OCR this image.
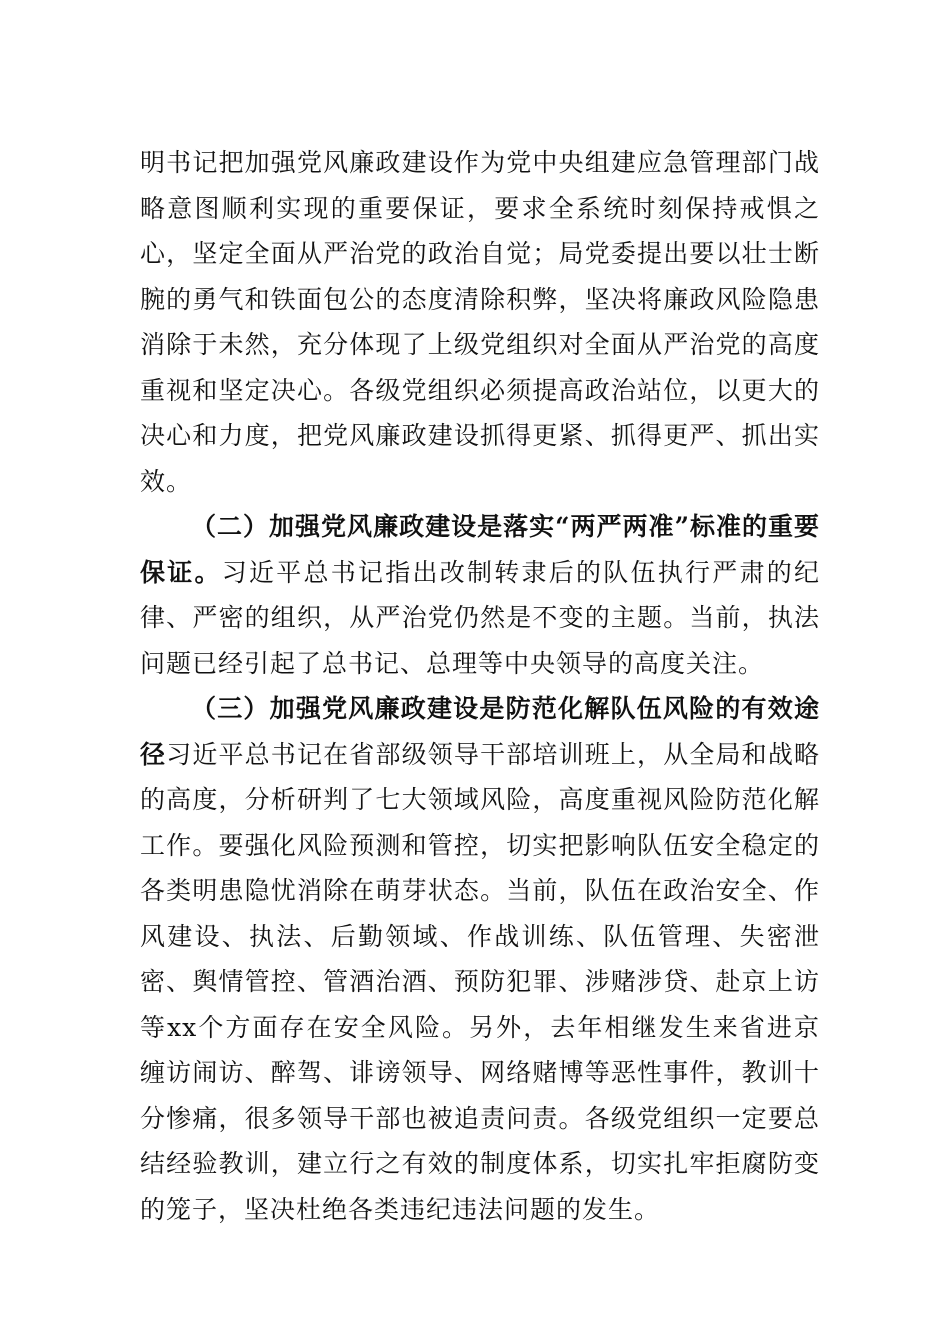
明书记把加强党风廉政建设作为党中央组建应急管理部门战略意图顺利实现的重要保证，要求全系统时刻保持戒惧之心，坚定全面从严治党的政治自觉；局党委提出要以壮士断腕的勇气和铁面包公的态度清除积弊，坚决将廉政风险隐患消除于未然，充分体现了上级党组织对全面从严治党的高度重视和坚定决心。各级党组织必须提高政治站位，以更大的决心和力度，把党风廉政建设抓得更紧、抓得更严、抓出实效。

（二）加强党风廉政建设是落实“两严两准”标准的重要保证。习近平总书记指出改制转隶后的队伍执行严肃的纪律、严密的组织，从严治党仍然是不变的主题。当前，执法问题已经引起了总书记、总理等中央领导的高度关注。

（三）加强党风廉政建设是防范化解队伍风险的有效途径习近平总书记在省部级领导干部培训班上，从全局和战略的高度，分析研判了七大领域风险，高度重视风险防范化解工作。要强化风险预测和管控，切实把影响队伍安全稳定的各类明患隐忧消除在萌芽状态。当前，队伍在政治安全、作风建设、执法、后勤领域、作战训练、队伍管理、失密泄密、舆情管控、管酒治酒、预防犯罪、涉赌涉贷、赴京上访等xx个方面存在安全风险。另外，去年相继发生来省进京缠访闹访、醉驾、诽谤领导、网络赌博等恶性事件，教训十分惨痛，很多领导干部也被追责问责。各级党组织一定要总结经验教训，建立行之有效的制度体系，切实扎牢拒腐防变的笼子，坚决杜绝各类违纪违法问题的发生。
